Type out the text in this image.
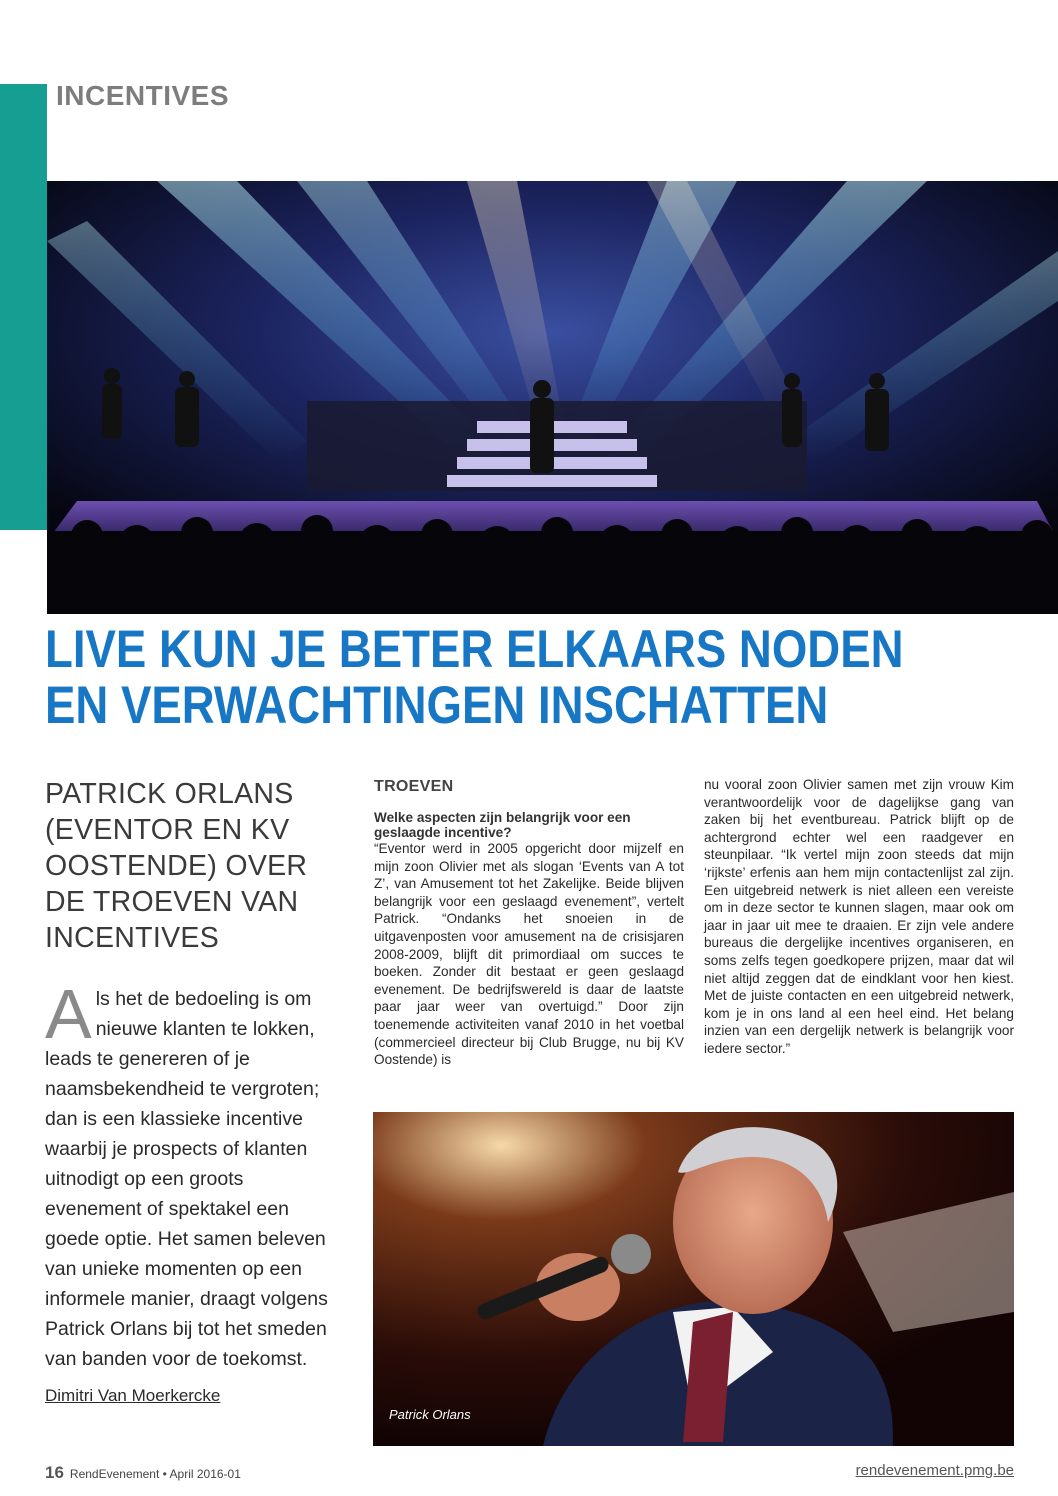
INCENTIVES
LIVE KUN JE BETER ELKAARS NODEN
EN VERWACHTINGEN INSCHATTEN
PATRICK ORLANS (EVENTOR EN KV OOSTENDE) OVER DE TROEVEN VAN INCENTIVES

Als het de bedoeling is om nieuwe klanten te lokken, leads te genereren of je naamsbekendheid te vergroten; dan is een klassieke incentive waarbij je prospects of klanten uitnodigt op een groots evenement of spektakel een goede optie. Het samen beleven van unieke momenten op een informele manier, draagt volgens Patrick Orlans bij tot het smeden van banden voor de toekomst.

Dimitri Van Moerkercke
TROEVEN

Welke aspecten zijn belangrijk voor een geslaagde incentive?

“Eventor werd in 2005 opgericht door mijzelf en mijn zoon Olivier met als slogan ‘Events van A tot Z’, van Amusement tot het Zakelijke. Beide blijven belangrijk voor een geslaagd evenement”, vertelt Patrick. “Ondanks het snoeien in de uitgavenposten voor amusement na de crisisjaren 2008-2009, blijft dit primordiaal om succes te boeken. Zonder dit bestaat er geen geslaagd evenement. De bedrijfswereld is daar de laatste paar jaar weer van overtuigd.” Door zijn toenemende activiteiten vanaf 2010 in het voetbal (commercieel directeur bij Club Brugge, nu bij KV Oostende) is

nu vooral zoon Olivier samen met zijn vrouw Kim verantwoordelijk voor de dagelijkse gang van zaken bij het eventbureau. Patrick blijft op de achtergrond echter wel een raadgever en steunpilaar. “Ik vertel mijn zoon steeds dat mijn ‘rijkste’ erfenis aan hem mijn contactenlijst zal zijn. Een uitgebreid netwerk is niet alleen een vereiste om in deze sector te kunnen slagen, maar ook om jaar in jaar uit mee te draaien. Er zijn vele andere bureaus die dergelijke incentives organiseren, en soms zelfs tegen goedkopere prijzen, maar dat wil niet altijd zeggen dat de eindklant voor hen kiest. Met de juiste contacten en een uitgebreid netwerk, kom je in ons land al een heel eind. Het belang inzien van een dergelijk netwerk is belangrijk voor iedere sector.”

Patrick Orlans
16 RendEvenement • April 2016-01	rendevenement.pmg.be
